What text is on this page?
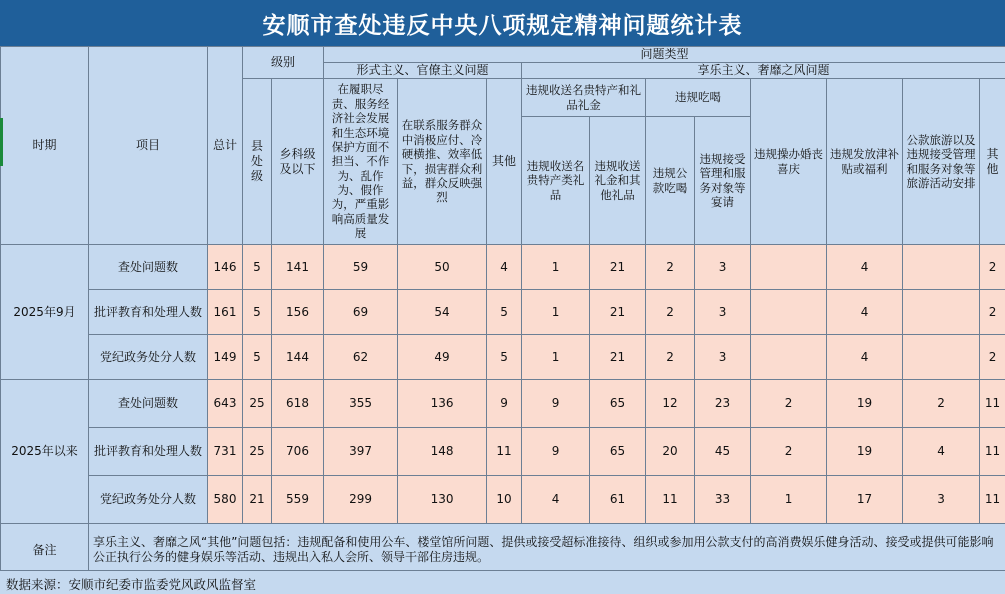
安顺市查处违反中央八项规定精神问题统计表
时期	项目	总计	级别		问题类型										
					形式主义、官僚主义问题			享乐主义、奢靡之风问题							
			县处级	乡科级及以下	在履职尽责、服务经济社会发展和生态环境保护方面不担当、不作为、乱作为、假作为，严重影响高质量发展	在联系服务群众中消极应付、冷硬横推、效率低下，损害群众利益，群众反映强烈	其他	违规收送名贵特产和礼品礼金		违规吃喝		违规操办婚丧喜庆	违规发放津补贴或福利	公款旅游以及违规接受管理和服务对象等旅游活动安排	其他
								违规收送名贵特产类礼品	违规收送礼金和其他礼品	违规公款吃喝	违规接受管理和服务对象等宴请				
2025年9月	查处问题数	146	5	141	59	50	4	1	21	2	3		4		2
	批评教育和处理人数	161	5	156	69	54	5	1	21	2	3		4		2
	党纪政务处分人数	149	5	144	62	49	5	1	21	2	3		4		2
2025年以来	查处问题数	643	25	618	355	136	9	9	65	12	23	2	19	2	11
	批评教育和处理人数	731	25	706	397	148	11	9	65	20	45	2	19	4	11
	党纪政务处分人数	580	21	559	299	130	10	4	61	11	33	1	17	3	11
备注	享乐主义、奢靡之风“其他”问题包括：违规配备和使用公车、楼堂馆所问题、提供或接受超标准接待、组织或参加用公款支付的高消费娱乐健身活动、接受或提供可能影响公正执行公务的健身娱乐等活动、违规出入私人会所、领导干部住房违规。														
数据来源：安顺市纪委市监委党风政风监督室
